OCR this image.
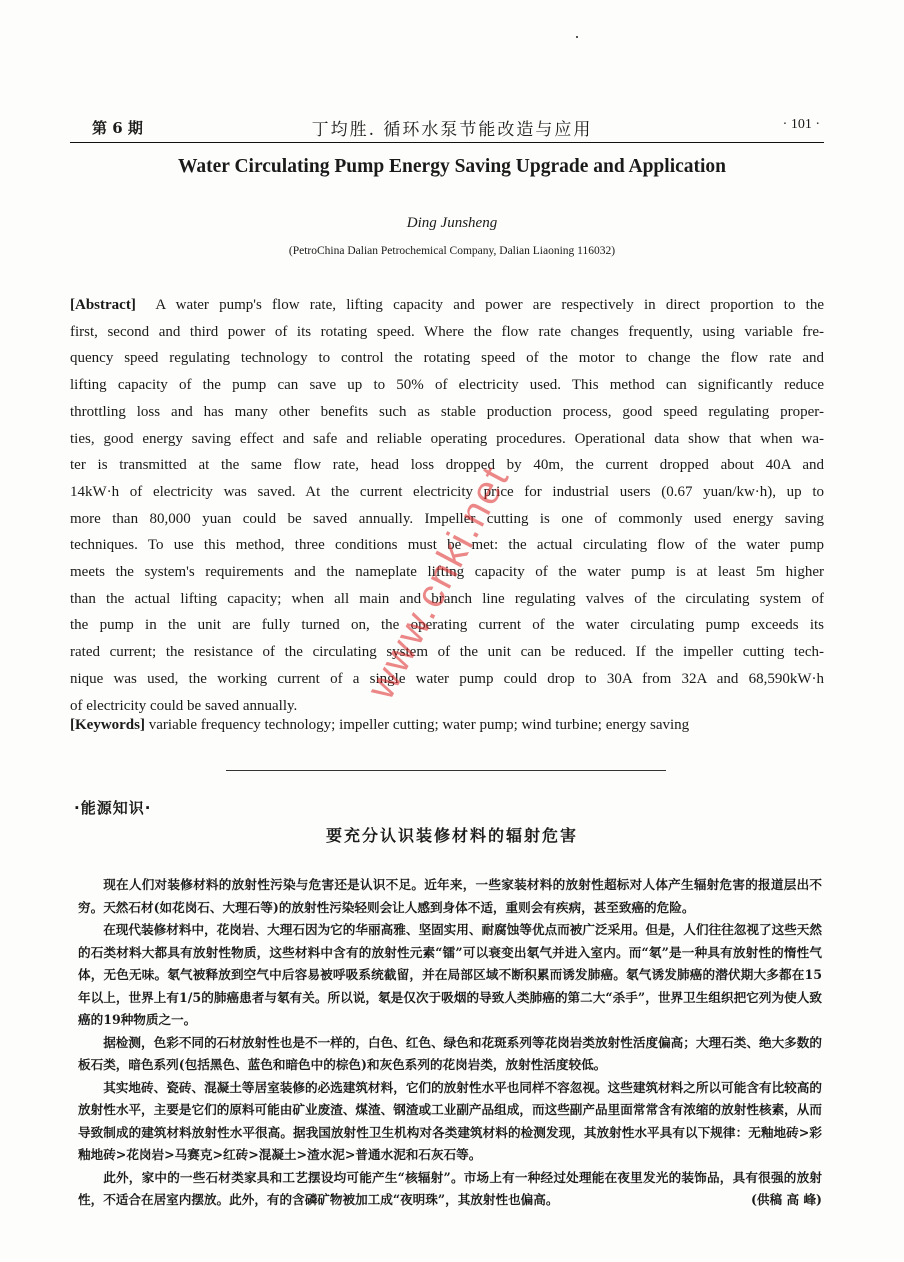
第 6 期	丁均胜. 循环水泵节能改造与应用	· 101 ·
Water Circulating Pump Energy Saving Upgrade and Application
Ding Junsheng
(PetroChina Dalian Petrochemical Company, Dalian Liaoning 116032)
[Abstract] A water pump's flow rate, lifting capacity and power are respectively in direct proportion to the
first, second and third power of its rotating speed. Where the flow rate changes frequently, using variable fre-
quency speed regulating technology to control the rotating speed of the motor to change the flow rate and
lifting capacity of the pump can save up to 50% of electricity used. This method can significantly reduce
throttling loss and has many other benefits such as stable production process, good speed regulating proper-
ties, good energy saving effect and safe and reliable operating procedures. Operational data show that when wa-
ter is transmitted at the same flow rate, head loss dropped by 40m, the current dropped about 40A and
14kW·h of electricity was saved. At the current electricity price for industrial users (0.67 yuan/kw·h), up to
more than 80,000 yuan could be saved annually. Impeller cutting is one of commonly used energy saving
techniques. To use this method, three conditions must be met: the actual circulating flow of the water pump
meets the system's requirements and the nameplate lifting capacity of the water pump is at least 5m higher
than the actual lifting capacity; when all main and branch line regulating valves of the circulating system of
the pump in the unit are fully turned on, the operating current of the water circulating pump exceeds its
rated current; the resistance of the circulating system of the unit can be reduced. If the impeller cutting tech-
nique was used, the working current of a single water pump could drop to 30A from 32A and 68,590kW·h
of electricity could be saved annually.
[Keywords] variable frequency technology; impeller cutting; water pump; wind turbine; energy saving
·能源知识·
要充分认识装修材料的辐射危害

现在人们对装修材料的放射性污染与危害还是认识不足。近年来，一些家装材料的放射性超标对人体产生辐射危害的报道层出不穷。天然石材(如花岗石、大理石等)的放射性污染轻则会让人感到身体不适，重则会有疾病，甚至致癌的危险。

在现代装修材料中，花岗岩、大理石因为它的华丽高雅、坚固实用、耐腐蚀等优点而被广泛采用。但是，人们往往忽视了这些天然的石类材料大都具有放射性物质，这些材料中含有的放射性元素“镭”可以衰变出氡气并进入室内。而“氡”是一种具有放射性的惰性气体，无色无味。氡气被释放到空气中后容易被呼吸系统截留，并在局部区域不断积累而诱发肺癌。氡气诱发肺癌的潜伏期大多都在15年以上，世界上有1/5的肺癌患者与氡有关。所以说，氡是仅次于吸烟的导致人类肺癌的第二大“杀手”，世界卫生组织把它列为使人致癌的19种物质之一。

据检测，色彩不同的石材放射性也是不一样的，白色、红色、绿色和花斑系列等花岗岩类放射性活度偏高；大理石类、绝大多数的板石类，暗色系列(包括黑色、蓝色和暗色中的棕色)和灰色系列的花岗岩类，放射性活度较低。

其实地砖、瓷砖、混凝土等居室装修的必选建筑材料，它们的放射性水平也同样不容忽视。这些建筑材料之所以可能含有比较高的放射性水平，主要是它们的原料可能由矿业废渣、煤渣、钢渣或工业副产品组成，而这些副产品里面常常含有浓缩的放射性核素，从而导致制成的建筑材料放射性水平很高。据我国放射性卫生机构对各类建筑材料的检测发现，其放射性水平具有以下规律：无釉地砖>彩釉地砖>花岗岩>马赛克>红砖>混凝土>渣水泥>普通水泥和石灰石等。

此外，家中的一些石材类家具和工艺摆设均可能产生“核辐射”。市场上有一种经过处理能在夜里发光的装饰品，具有很强的放射性，不适合在居室内摆放。此外，有的含磷矿物被加工成“夜明珠”，其放射性也偏高。	(供稿 高 峰)

www.cnki.net
